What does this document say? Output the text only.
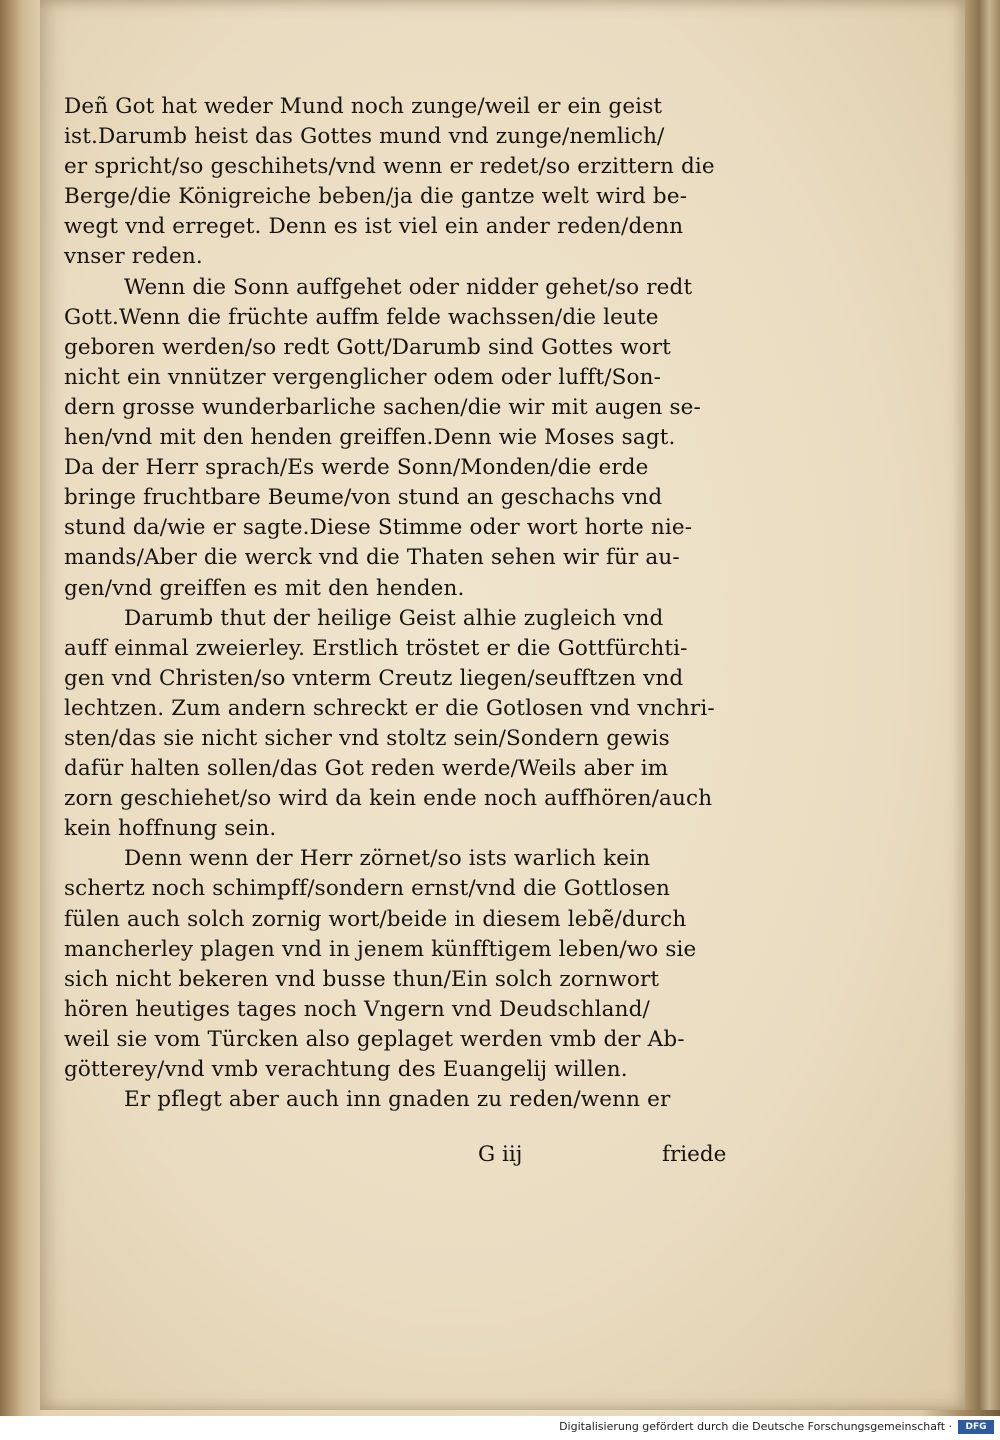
Deñ Got hat weder Mund noch zunge/weil er ein geist
ist.Darumb heist das Gottes mund vnd zunge/nemlich/
er spricht/so geschihets/vnd wenn er redet/so erzittern die
Berge/die Königreiche beben/ja die gantze welt wird be-
wegt vnd erreget. Denn es ist viel ein ander reden/denn
vnser reden.
Wenn die Sonn auffgehet oder nidder gehet/so redt
Gott.Wenn die früchte auffm felde wachssen/die leute
geboren werden/so redt Gott/Darumb sind Gottes wort
nicht ein vnnützer vergenglicher odem oder lufft/Son-
dern grosse wunderbarliche sachen/die wir mit augen se-
hen/vnd mit den henden greiffen.Denn wie Moses sagt.
Da der Herr sprach/Es werde Sonn/Monden/die erde
bringe fruchtbare Beume/von stund an geschachs vnd
stund da/wie er sagte.Diese Stimme oder wort horte nie-
mands/Aber die werck vnd die Thaten sehen wir für au-
gen/vnd greiffen es mit den henden.
Darumb thut der heilige Geist alhie zugleich vnd
auff einmal zweierley. Erstlich tröstet er die Gottfürchti-
gen vnd Christen/so vnterm Creutz liegen/seufftzen vnd
lechtzen. Zum andern schreckt er die Gotlosen vnd vnchri-
sten/das sie nicht sicher vnd stoltz sein/Sondern gewis
dafür halten sollen/das Got reden werde/Weils aber im
zorn geschiehet/so wird da kein ende noch auffhören/auch
kein hoffnung sein.
Denn wenn der Herr zörnet/so ists warlich kein
schertz noch schimpff/sondern ernst/vnd die Gottlosen
fülen auch solch zornig wort/beide in diesem lebẽ/durch
mancherley plagen vnd in jenem künfftigem leben/wo sie
sich nicht bekeren vnd busse thun/Ein solch zornwort
hören heutiges tages noch Vngern vnd Deudschland/
weil sie vom Türcken also geplaget werden vmb der Ab-
götterey/vnd vmb verachtung des Euangelij willen.
Er pflegt aber auch inn gnaden zu reden/wenn er
G iij	friede
Digitalisierung gefördert durch die Deutsche Forschungsgemeinschaft ·	DFG
